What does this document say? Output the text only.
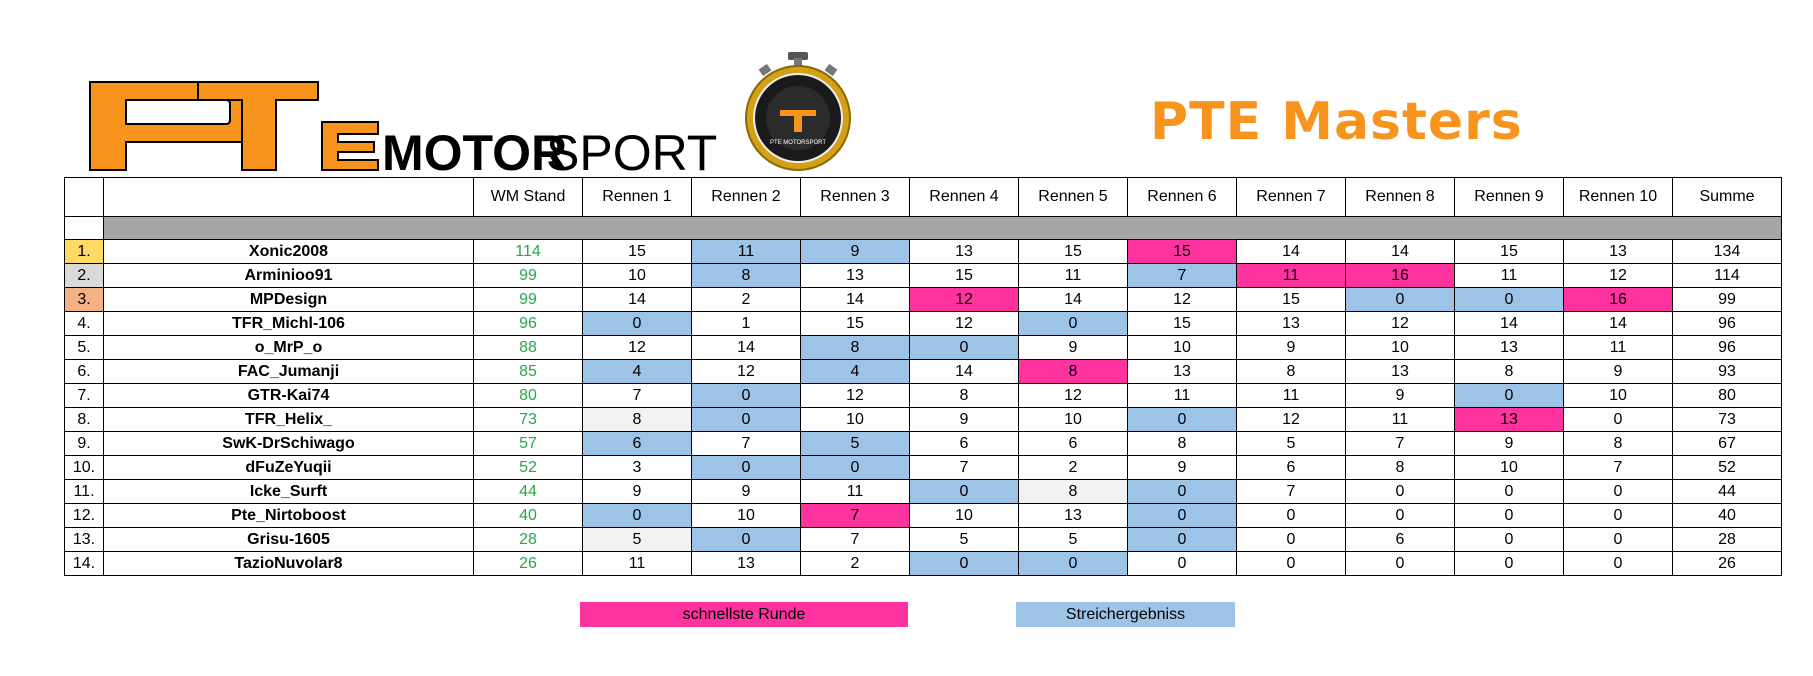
MOTOR
SPORT	PTE MOTORSPORT	PTE Masters
		WM Stand	Rennen 1	Rennen 2	Rennen 3	Rennen 4	Rennen 5	Rennen 6	Rennen 7	Rennen 8	Rennen 9	Rennen 10	Summe

1.	Xonic2008	114	15	11	9	13	15	15	14	14	15	13	134
2.	Arminioo91	99	10	8	13	15	11	7	11	16	11	12	114
3.	MPDesign	99	14	2	14	12	14	12	15	0	0	16	99
4.	TFR_Michl-106	96	0	1	15	12	0	15	13	12	14	14	96
5.	o_MrP_o	88	12	14	8	0	9	10	9	10	13	11	96
6.	FAC_Jumanji	85	4	12	4	14	8	13	8	13	8	9	93
7.	GTR-Kai74	80	7	0	12	8	12	11	11	9	0	10	80
8.	TFR_Helix_	73	8	0	10	9	10	0	12	11	13	0	73
9.	SwK-DrSchiwago	57	6	7	5	6	6	8	5	7	9	8	67
10.	dFuZeYuqii	52	3	0	0	7	2	9	6	8	10	7	52
11.	Icke_Surft	44	9	9	11	0	8	0	7	0	0	0	44
12.	Pte_Nirtoboost	40	0	10	7	10	13	0	0	0	0	0	40
13.	Grisu-1605	28	5	0	7	5	5	0	0	6	0	0	28
14.	TazioNuvolar8	26	11	13	2	0	0	0	0	0	0	0	26
schnellste Runde	Streichergebniss
